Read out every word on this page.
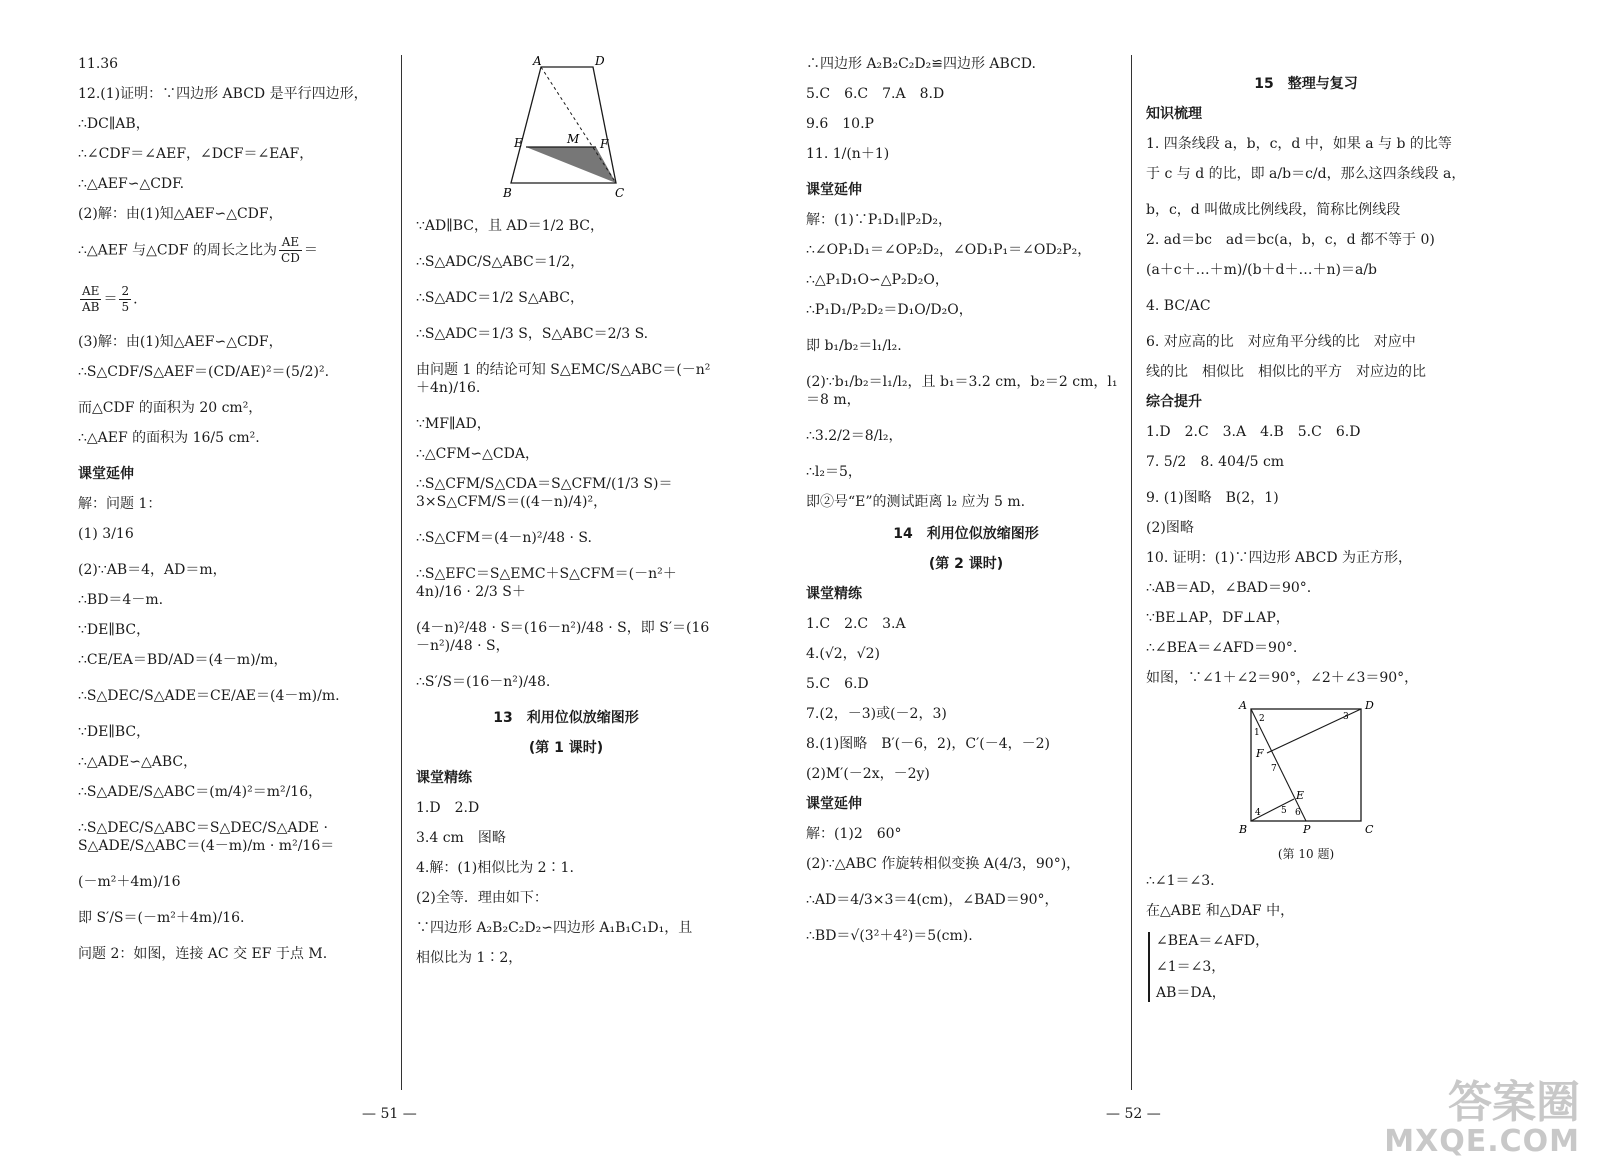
11.36
12.(1)证明：∵四边形 ABCD 是平行四边形，
∴DC∥AB，
∴∠CDF＝∠AEF，∠DCF＝∠EAF，
∴△AEF∽△CDF.
(2)解：由(1)知△AEF∽△CDF，
∴△AEF 与△CDF 的周长之比为 $\frac{AE}{CD}$ ＝
$\frac{AE}{AB} = \frac{2}{5}$ .
(3)解：由(1)知△AEF∽△CDF，
∴S△CDF/S△AEF＝(CD/AE)²＝(5/2)².
而△CDF 的面积为 20 cm²，
∴△AEF 的面积为 16/5 cm².
课堂延伸
解：问题 1：
(1) 3/16
(2)∵AB＝4，AD＝m，
∴BD＝4－m.
∵DE∥BC，
∴CE/EA＝BD/AD＝(4－m)/m，
∴S△DEC/S△ADE＝CE/AE＝(4－m)/m.
∵DE∥BC，
∴△ADE∽△ABC，
∴S△ADE/S△ABC＝(m/4)²＝m²/16，
∴S△DEC/S△ABC＝S△DEC/S△ADE · S△ADE/S△ABC＝(4－m)/m · m²/16＝
(－m²＋4m)/16
即 S′/S＝(－m²＋4m)/16.
问题 2：如图，连接 AC 交 EF 于点 M.
A	D
E	M F
B	C
∵AD∥BC，且 AD＝1/2 BC，
∴S△ADC/S△ABC＝1/2，
∴S△ADC＝1/2 S△ABC，
∴S△ADC＝1/3 S，S△ABC＝2/3 S.
由问题 1 的结论可知 S△EMC/S△ABC＝(－n²＋4n)/16.
∵MF∥AD，
∴△CFM∽△CDA，
∴S△CFM/S△CDA＝S△CFM/(1/3 S)＝3×S△CFM/S＝((4－n)/4)²，
∴S△CFM＝(4－n)²/48 · S.
∴S△EFC＝S△EMC＋S△CFM＝(－n²＋4n)/16 · 2/3 S＋
(4－n)²/48 · S＝(16－n²)/48 · S，即 S′＝(16－n²)/48 · S，
∴S′/S＝(16－n²)/48.
13　利用位似放缩图形
(第 1 课时)
课堂精练
1.D　2.D
3.4 cm　图略
4.解：(1)相似比为 2∶1.
(2)全等．理由如下：
∵四边形 A₂B₂C₂D₂∽四边形 A₁B₁C₁D₁，且
相似比为 1∶2，
∴四边形 A₂B₂C₂D₂≌四边形 ABCD.
5.C　6.C　7.A　8.D
9.6　10.P
11. 1/(n＋1)
课堂延伸
解：(1)∵P₁D₁∥P₂D₂，
∴∠OP₁D₁＝∠OP₂D₂，∠OD₁P₁＝∠OD₂P₂，
∴△P₁D₁O∽△P₂D₂O，
∴P₁D₁/P₂D₂＝D₁O/D₂O，
即 b₁/b₂＝l₁/l₂.
(2)∵b₁/b₂＝l₁/l₂，且 b₁＝3.2 cm，b₂＝2 cm，l₁＝8 m，
∴3.2/2＝8/l₂，
∴l₂＝5，
即②号“E”的测试距离 l₂ 应为 5 m.
14　利用位似放缩图形
(第 2 课时)
课堂精练
1.C　2.C　3.A
4.(√2，√2)
5.C　6.D
7.(2，－3)或(－2，3)
8.(1)图略　B′(－6，2)，C′(－4，－2)
(2)M′(－2x，－2y)
课堂延伸
解：(1)2　60°
(2)∵△ABC 作旋转相似变换 A(4/3，90°)，
∴AD＝4/3×3＝4(cm)，∠BAD＝90°，
∴BD＝√(3²＋4²)＝5(cm).
15　整理与复习
知识梳理
1. 四条线段 a，b，c，d 中，如果 a 与 b 的比等
于 c 与 d 的比，即 a/b＝c/d，那么这四条线段 a，
b，c，d 叫做成比例线段，简称比例线段
2. ad＝bc　ad＝bc(a，b，c，d 都不等于 0)
(a＋c＋…＋m)/(b＋d＋…＋n)＝a/b
4. BC/AC
6. 对应高的比　对应角平分线的比　对应中
线的比　相似比　相似比的平方　对应边的比
综合提升
1.D　2.C　3.A　4.B　5.C　6.D
7. 5/2　8. 404/5 cm
9. (1)图略　B(2，1)
(2)图略
10. 证明：(1)∵四边形 ABCD 为正方形，
∴AB＝AD，∠BAD＝90°.
∵BE⊥AP，DF⊥AP，
∴∠BEA＝∠AFD＝90°.
如图，∵∠1＋∠2＝90°，∠2＋∠3＝90°，
A	D
B	C
P
E
F
1
2	3
4 5 6
7
(第 10 题)
∴∠1＝∠3.
在△ABE 和△DAF 中，
∠BEA＝∠AFD，
∠1＝∠3，
AB＝DA，
— 51 —	— 52 —	答案圈
MXQE.COM
